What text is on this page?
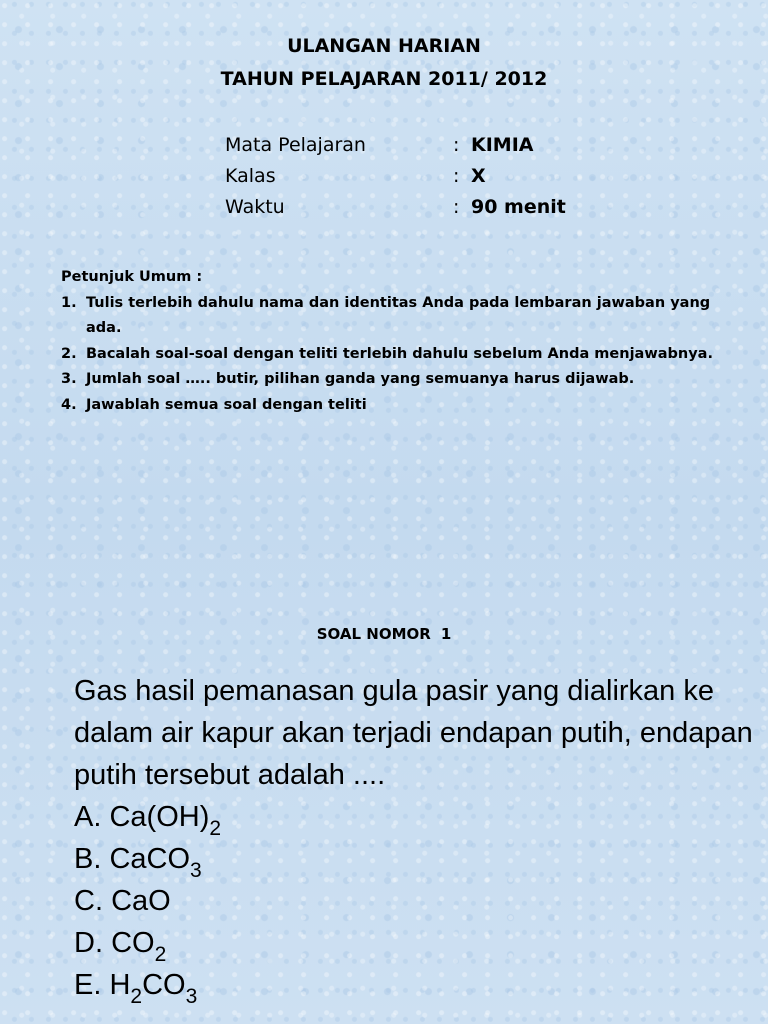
ULANGAN HARIAN
TAHUN PELAJARAN 2011/ 2012
Mata Pelajaran	: KIMIA
Kalas	: X
Waktu	: 90 menit

Petunjuk Umum :

1. Tulis terlebih dahulu nama dan identitas Anda pada lembaran jawaban yang ada.
2. Bacalah soal-soal dengan teliti terlebih dahulu sebelum Anda menjawabnya.
3. Jumlah soal ….. butir, pilihan ganda yang semuanya harus dijawab.
4. Jawablah semua soal dengan teliti
SOAL NOMOR 1

Gas hasil pemanasan gula pasir yang dialirkan ke dalam air kapur akan terjadi endapan putih, endapan putih tersebut adalah ....

A. $Ca(OH)_2$
B. CaCO$_3$
C. CaO
D. $CO_2$
E. $H_2CO_3$
